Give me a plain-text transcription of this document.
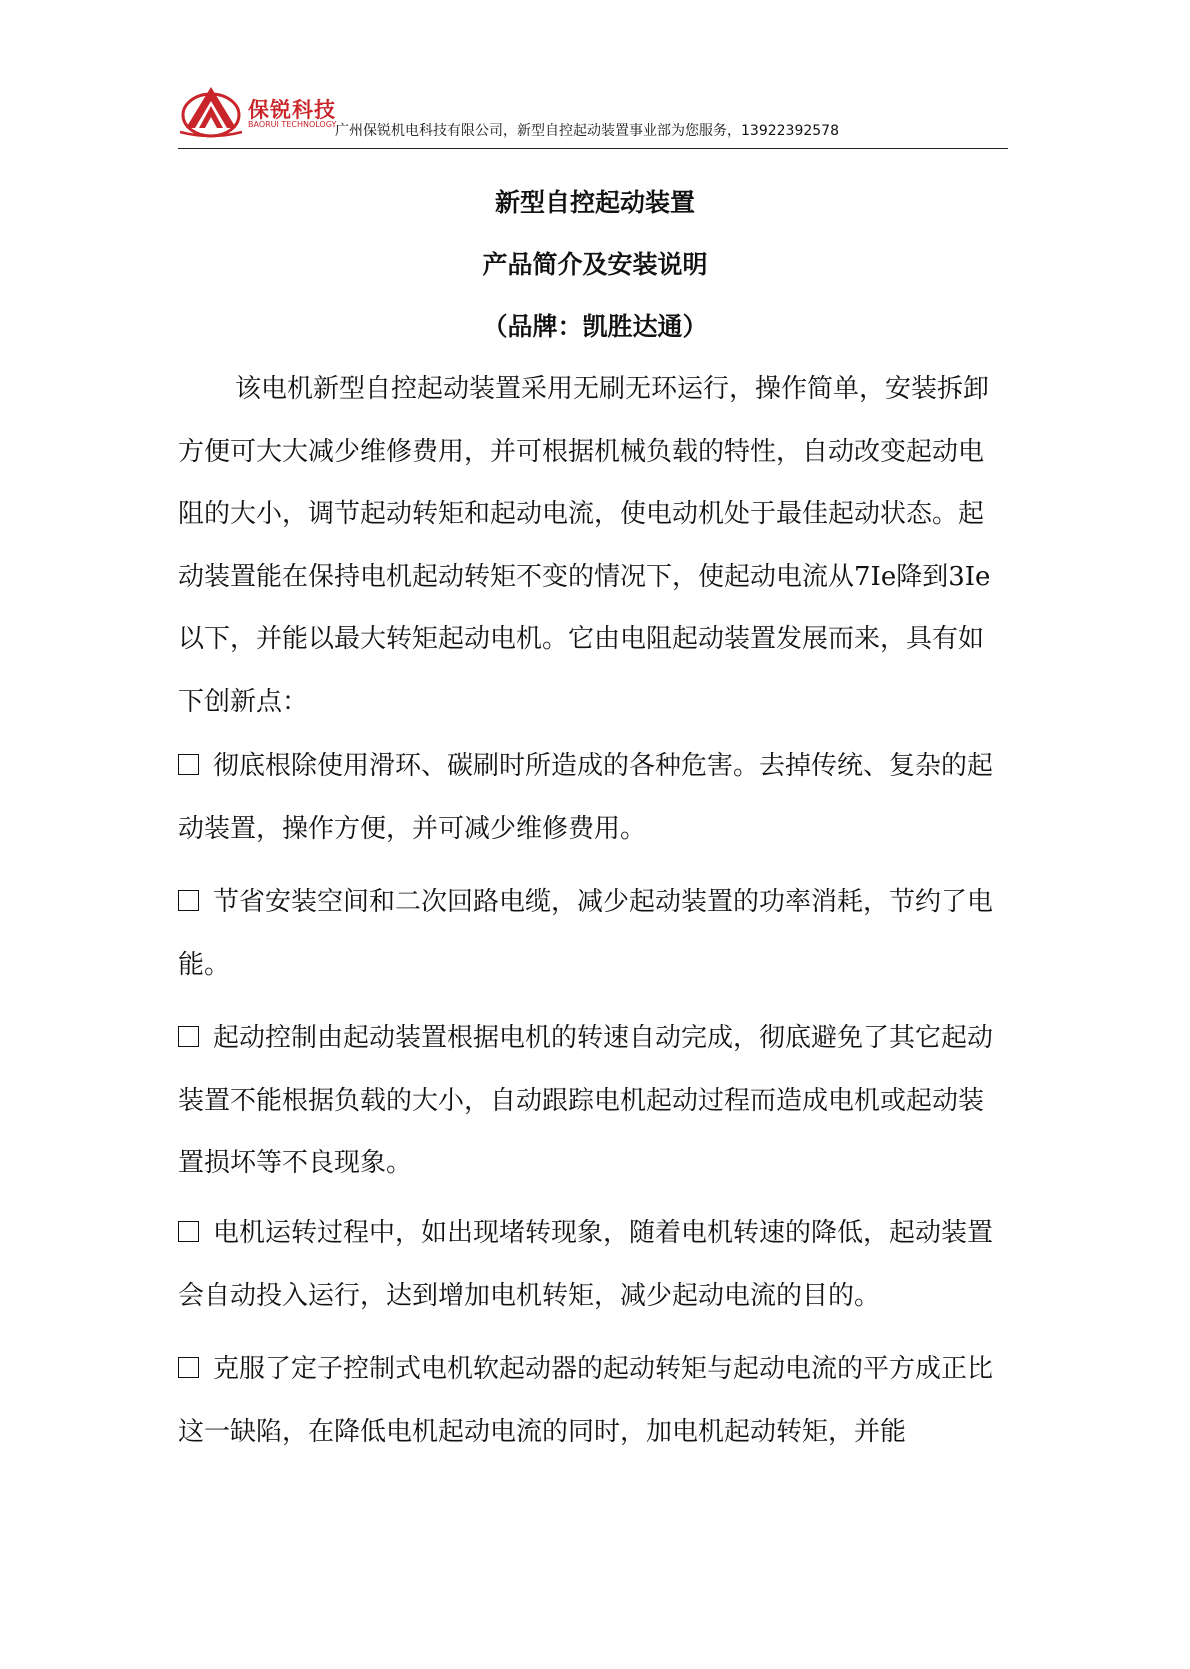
保锐科技
BAORUI TECHNOLOGY
广州保锐机电科技有限公司，新型自控起动装置事业部为您服务，13922392578
新型自控起动装置
产品简介及安装说明
（品牌：凯胜达通）

该电机新型自控起动装置采用无刷无环运行，操作简单，安装拆卸方便可大大减少维修费用，并可根据机械负载的特性，自动改变起动电阻的大小，调节起动转矩和起动电流，使电动机处于最佳起动状态。起动装置能在保持电机起动转矩不变的情况下，使起动电流从7Ie降到3Ie以下，并能以最大转矩起动电机。它由电阻起动装置发展而来，具有如下创新点：

彻底根除使用滑环、碳刷时所造成的各种危害。去掉传统、复杂的起动装置，操作方便，并可减少维修费用。

节省安装空间和二次回路电缆，减少起动装置的功率消耗，节约了电能。

起动控制由起动装置根据电机的转速自动完成，彻底避免了其它起动装置不能根据负载的大小，自动跟踪电机起动过程而造成电机或起动装置损坏等不良现象。

电机运转过程中，如出现堵转现象，随着电机转速的降低，起动装置会自动投入运行，达到增加电机转矩，减少起动电流的目的。

克服了定子控制式电机软起动器的起动转矩与起动电流的平方成正比这一缺陷，在降低电机起动电流的同时，加电机起动转矩，并能
